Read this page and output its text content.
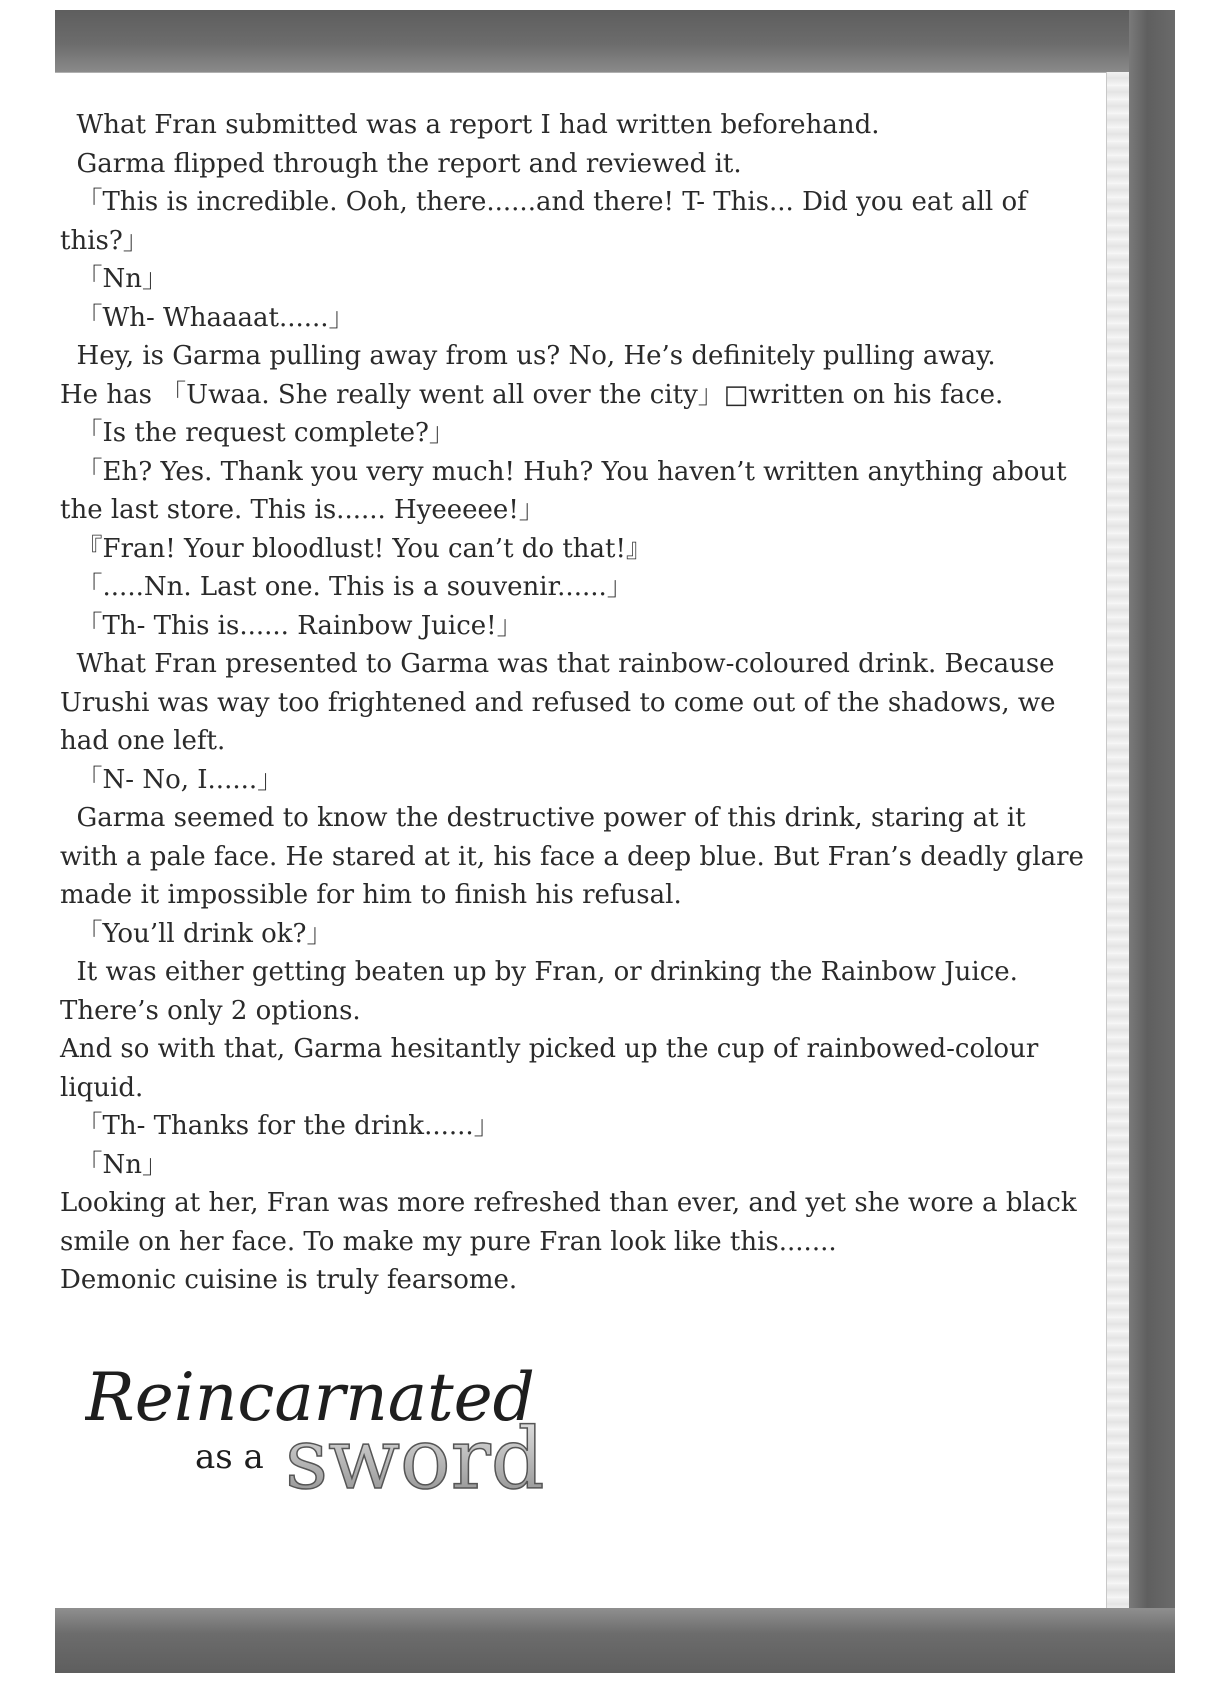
What Fran submitted was a report I had written beforehand.

Garma flipped through the report and reviewed it.

「This is incredible. Ooh, there......and there! T- This... Did you eat all of this?」

「Nn」

「Wh- Whaaaat......」

Hey, is Garma pulling away from us? No, He’s definitely pulling away.

He has 「Uwaa. She really went all over the city」□written on his face.

「Is the request complete?」

「Eh? Yes. Thank you very much! Huh? You haven’t written anything about the last store. This is...... Hyeeeee!」

『Fran! Your bloodlust! You can’t do that!』

「.....Nn. Last one. This is a souvenir......」

「Th- This is...... Rainbow Juice!」

What Fran presented to Garma was that rainbow-coloured drink. Because Urushi was way too frightened and refused to come out of the shadows, we had one left.

「N- No, I......」

Garma seemed to know the destructive power of this drink, staring at it with a pale face. He stared at it, his face a deep blue. But Fran’s deadly glare made it impossible for him to finish his refusal.

「You’ll drink ok?」

It was either getting beaten up by Fran, or drinking the Rainbow Juice. There’s only 2 options.

And so with that, Garma hesitantly picked up the cup of rainbowed-colour liquid.

「Th- Thanks for the drink......」

「Nn」

Looking at her, Fran was more refreshed than ever, and yet she wore a black smile on her face. To make my pure Fran look like this.......

Demonic cuisine is truly fearsome.

Reincarnated
as a sword
